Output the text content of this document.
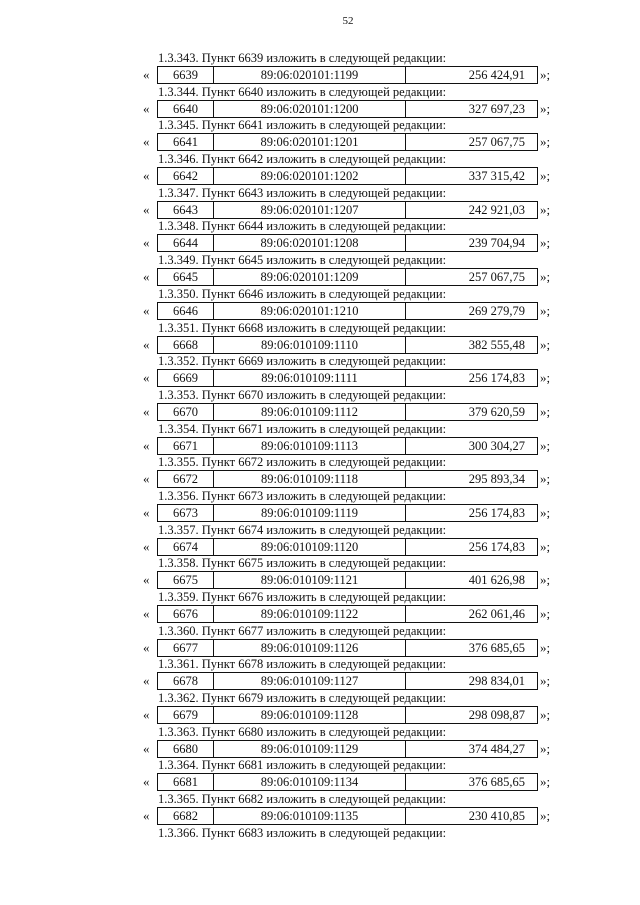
52
1.3.343. Пункт 6639 изложить в следующей редакции:
«	6639	89:06:020101:1199	256 424,91	»;
1.3.344. Пункт 6640 изложить в следующей редакции:
«	6640	89:06:020101:1200	327 697,23	»;
1.3.345. Пункт 6641 изложить в следующей редакции:
«	6641	89:06:020101:1201	257 067,75	»;
1.3.346. Пункт 6642 изложить в следующей редакции:
«	6642	89:06:020101:1202	337 315,42	»;
1.3.347. Пункт 6643 изложить в следующей редакции:
«	6643	89:06:020101:1207	242 921,03	»;
1.3.348. Пункт 6644 изложить в следующей редакции:
«	6644	89:06:020101:1208	239 704,94	»;
1.3.349. Пункт 6645 изложить в следующей редакции:
«	6645	89:06:020101:1209	257 067,75	»;
1.3.350. Пункт 6646 изложить в следующей редакции:
«	6646	89:06:020101:1210	269 279,79	»;
1.3.351. Пункт 6668 изложить в следующей редакции:
«	6668	89:06:010109:1110	382 555,48	»;
1.3.352. Пункт 6669 изложить в следующей редакции:
«	6669	89:06:010109:1111	256 174,83	»;
1.3.353. Пункт 6670 изложить в следующей редакции:
«	6670	89:06:010109:1112	379 620,59	»;
1.3.354. Пункт 6671 изложить в следующей редакции:
«	6671	89:06:010109:1113	300 304,27	»;
1.3.355. Пункт 6672 изложить в следующей редакции:
«	6672	89:06:010109:1118	295 893,34	»;
1.3.356. Пункт 6673 изложить в следующей редакции:
«	6673	89:06:010109:1119	256 174,83	»;
1.3.357. Пункт 6674 изложить в следующей редакции:
«	6674	89:06:010109:1120	256 174,83	»;
1.3.358. Пункт 6675 изложить в следующей редакции:
«	6675	89:06:010109:1121	401 626,98	»;
1.3.359. Пункт 6676 изложить в следующей редакции:
«	6676	89:06:010109:1122	262 061,46	»;
1.3.360. Пункт 6677 изложить в следующей редакции:
«	6677	89:06:010109:1126	376 685,65	»;
1.3.361. Пункт 6678 изложить в следующей редакции:
«	6678	89:06:010109:1127	298 834,01	»;
1.3.362. Пункт 6679 изложить в следующей редакции:
«	6679	89:06:010109:1128	298 098,87	»;
1.3.363. Пункт 6680 изложить в следующей редакции:
«	6680	89:06:010109:1129	374 484,27	»;
1.3.364. Пункт 6681 изложить в следующей редакции:
«	6681	89:06:010109:1134	376 685,65	»;
1.3.365. Пункт 6682 изложить в следующей редакции:
«	6682	89:06:010109:1135	230 410,85	»;
1.3.366. Пункт 6683 изложить в следующей редакции:
